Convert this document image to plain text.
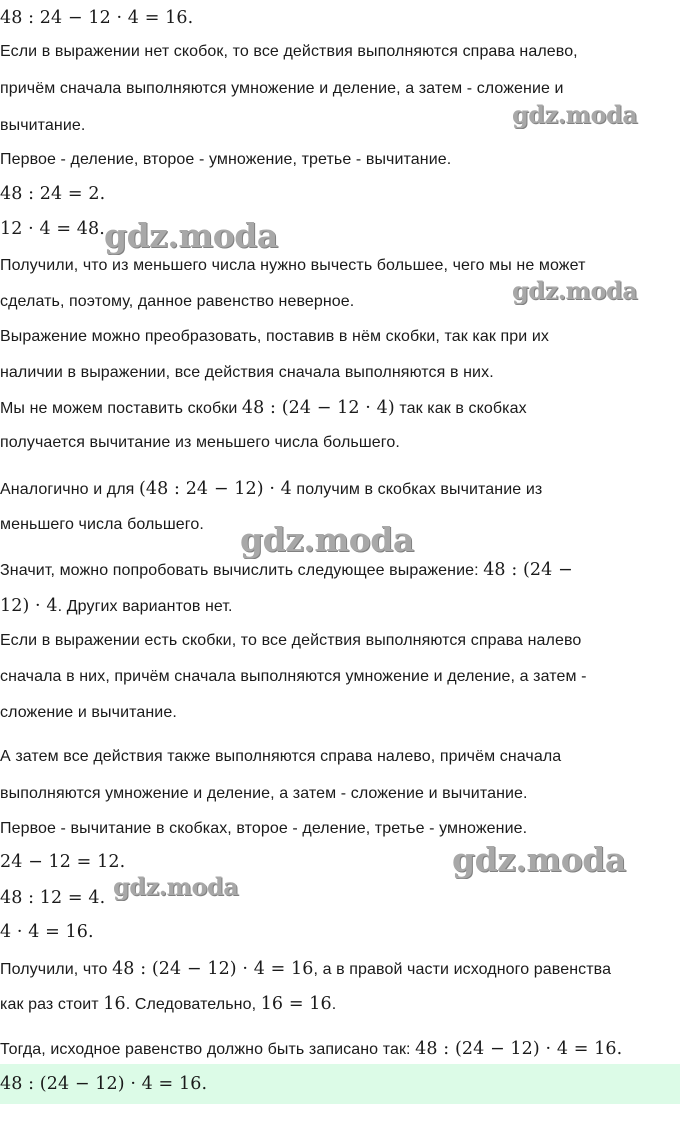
48 : 24 − 12 · 4 = 16.
Если в выражении нет скобок, то все действия выполняются справа налево,
причём сначала выполняются умножение и деление, а затем - сложение и
вычитание.
Первое - деление, второе - умножение, третье - вычитание.
48 : 24 = 2.
12 · 4 = 48.
Получили, что из меньшего числа нужно вычесть большее, чего мы не может
сделать, поэтому, данное равенство неверное.
Выражение можно преобразовать, поставив в нём скобки, так как при их
наличии в выражении, все действия сначала выполняются в них.
Мы не можем поставить скобки 48 : (24 − 12 · 4) так как в скобках
получается вычитание из меньшего числа большего.
Аналогично и для (48 : 24 − 12) · 4 получим в скобках вычитание из
меньшего числа большего.
Значит, можно попробовать вычислить следующее выражение: 48 : (24 −
12) · 4. Других вариантов нет.
Если в выражении есть скобки, то все действия выполняются справа налево
сначала в них, причём сначала выполняются умножение и деление, а затем -
сложение и вычитание.
А затем все действия также выполняются справа налево, причём сначала
выполняются умножение и деление, а затем - сложение и вычитание.
Первое - вычитание в скобках, второе - деление, третье - умножение.
24 − 12 = 12.
48 : 12 = 4.
4 · 4 = 16.
Получили, что 48 : (24 − 12) · 4 = 16, а в правой части исходного равенства
как раз стоит 16. Следовательно, 16 = 16.
Тогда, исходное равенство должно быть записано так: 48 : (24 − 12) · 4 = 16.
48 : (24 − 12) · 4 = 16.
gdz.moda
gdz.moda
gdz.moda
gdz.moda
gdz.moda
gdz.moda
